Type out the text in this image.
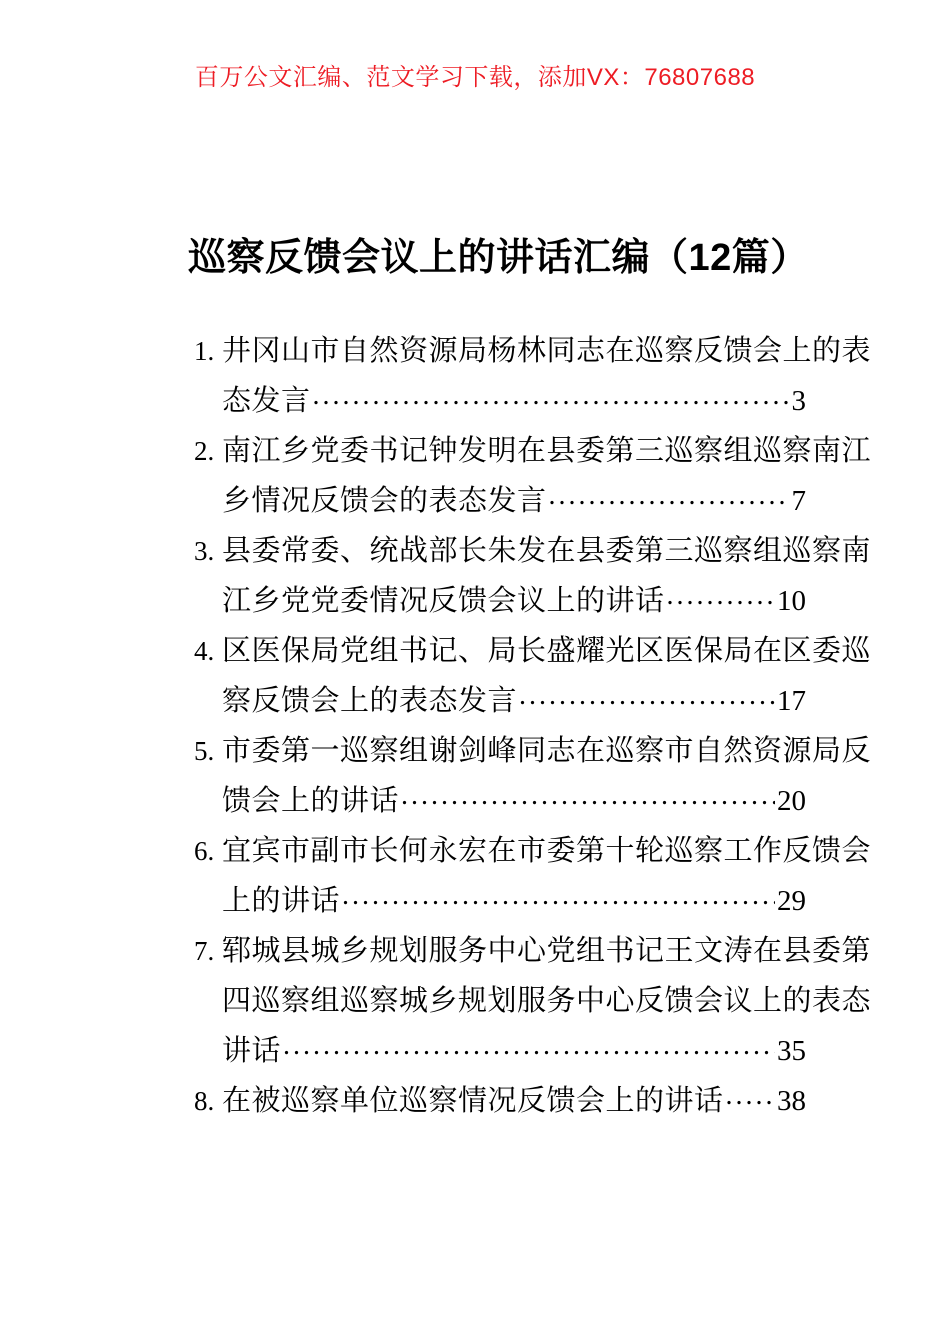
百万公文汇编、范文学习下载，添加VX：76807688
巡察反馈会议上的讲话汇编（12篇）
1. 井冈山市自然资源局杨林同志在巡察反馈会上的表
态发言 .....	3
2. 南江乡党委书记钟发明在县委第三巡察组巡察南江
乡情况反馈会的表态发言 .....	7
3. 县委常委、统战部长朱发在县委第三巡察组巡察南
江乡党党委情况反馈会议上的讲话 .....	10
4. 区医保局党组书记、局长盛耀光区医保局在区委巡
察反馈会上的表态发言 .....	17
5. 市委第一巡察组谢剑峰同志在巡察市自然资源局反
馈会上的讲话 .....	20
6. 宜宾市副市长何永宏在市委第十轮巡察工作反馈会
上的讲话 .....	29
7. 郓城县城乡规划服务中心党组书记王文涛在县委第
四巡察组巡察城乡规划服务中心反馈会议上的表态
讲话 .....	35
8. 在被巡察单位巡察情况反馈会上的讲话 ..... 38
